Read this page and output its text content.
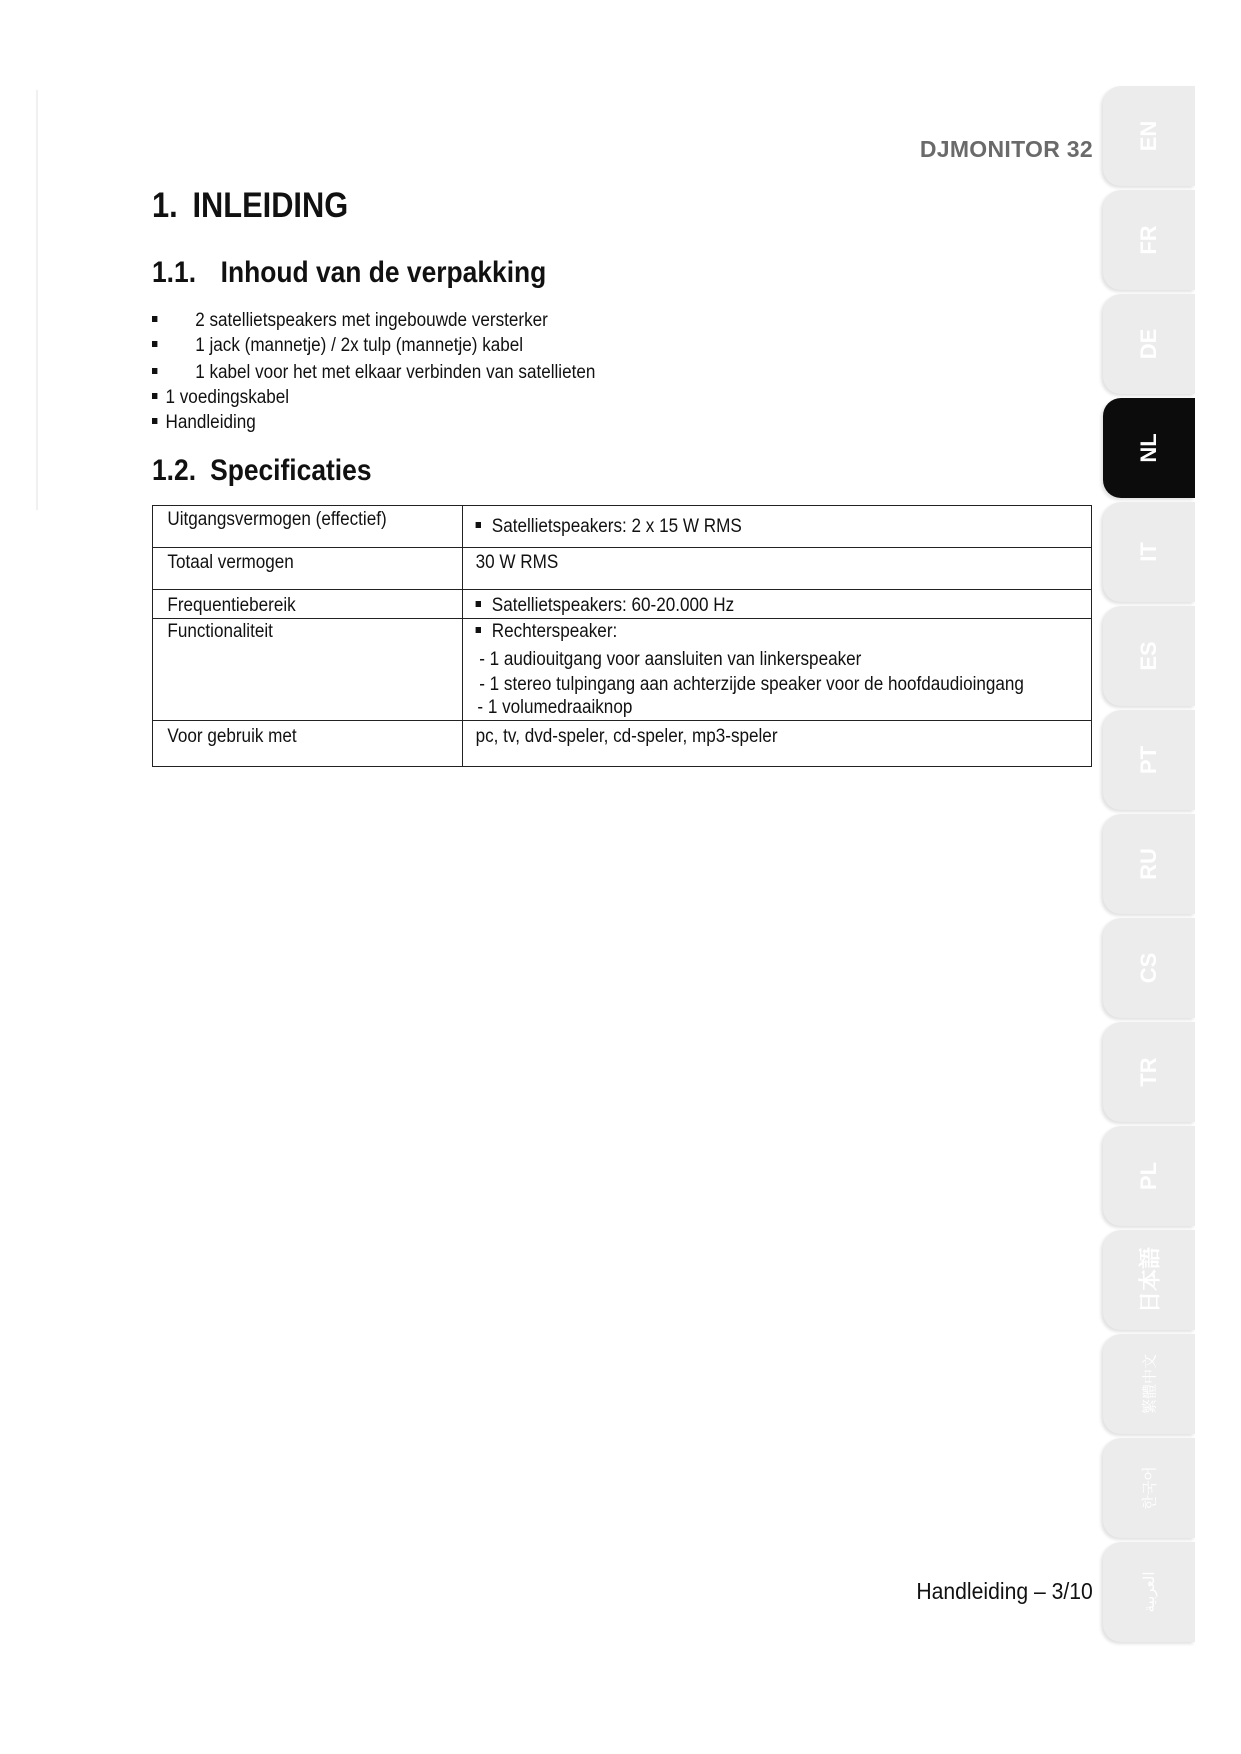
DJMONITOR 32
1. INLEIDING
1.1. Inhoud van de verpakking
2 satellietspeakers met ingebouwde versterker
1 jack (mannetje) / 2x tulp (mannetje) kabel
1 kabel voor het met elkaar verbinden van satellieten
1 voedingskabel
Handleiding
1.2. Specificaties
Uitgangsvermogen (effectief)	Satellietspeakers: 2 x 15 W RMS

Totaal vermogen	30 W RMS

Frequentiebereik	Satellietspeakers: 60-20.000 Hz

Functionaliteit	Rechterspeaker:
- 1 audiouitgang voor aansluiten van linkerspeaker
- 1 stereo tulpingang aan achterzijde speaker voor de hoofdaudioingang
- 1 volumedraaiknop

Voor gebruik met	pc, tv, dvd-speler, cd-speler, mp3-speler
Handleiding – 3/10
EN
FR
DE
NL
IT
ES
PT
RU
CS
TR
PL
日本語
繁體中文
한국어
العربية
